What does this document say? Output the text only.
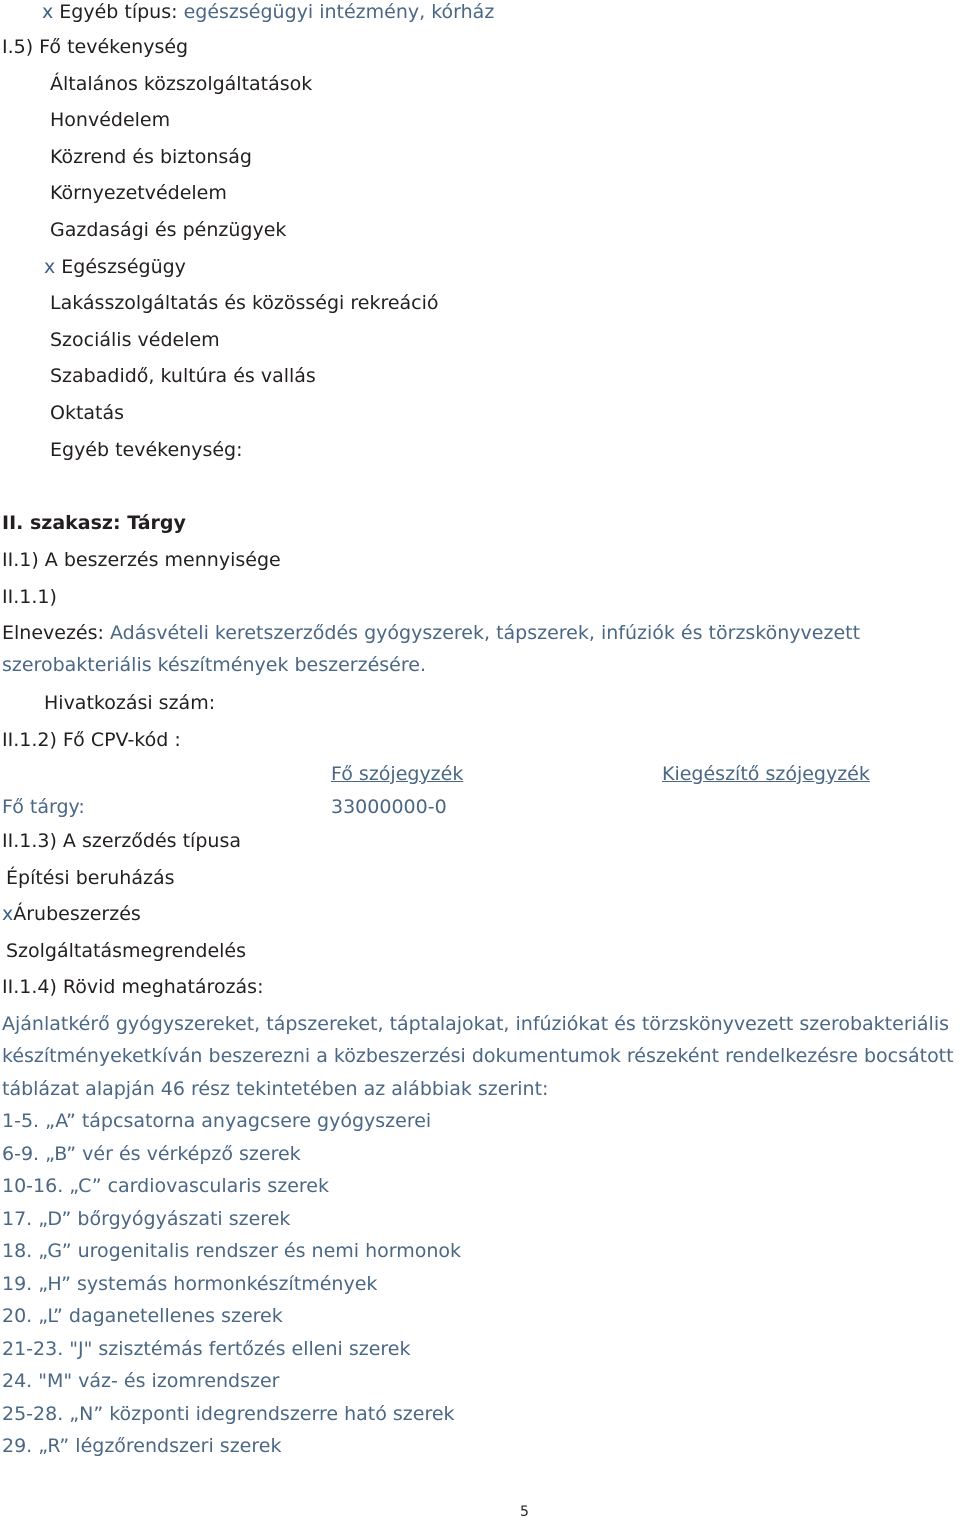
x Egyéb típus: egészségügyi intézmény, kórház
I.5) Fő tevékenység
Általános közszolgáltatások
Honvédelem
Közrend és biztonság
Környezetvédelem
Gazdasági és pénzügyek
x Egészségügy
Lakásszolgáltatás és közösségi rekreáció
Szociális védelem
Szabadidő, kultúra és vallás
Oktatás
Egyéb tevékenység:
II. szakasz: Tárgy
II.1) A beszerzés mennyisége
II.1.1)
Elnevezés: Adásvételi keretszerződés gyógyszerek, tápszerek, infúziók és törzskönyvezett
szerobakteriális készítmények beszerzésére.
Hivatkozási szám:
II.1.2) Fő CPV-kód :
Fő szójegyzék	Kiegészítő szójegyzék
Fő tárgy:	33000000-0
II.1.3) A szerződés típusa
Építési beruházás
xÁrubeszerzés
Szolgáltatásmegrendelés
II.1.4) Rövid meghatározás:
Ajánlatkérő gyógyszereket, tápszereket, táptalajokat, infúziókat és törzskönyvezett szerobakteriális
készítményeketkíván beszerezni a közbeszerzési dokumentumok részeként rendelkezésre bocsátott
táblázat alapján 46 rész tekintetében az alábbiak szerint:
1-5. „A” tápcsatorna anyagcsere gyógyszerei
6-9. „B” vér és vérképző szerek
10-16. „C” cardiovascularis szerek
17. „D” bőrgyógyászati szerek
18. „G” urogenitalis rendszer és nemi hormonok
19. „H” systemás hormonkészítmények
20. „L” daganetellenes szerek
21-23. "J" szisztémás fertőzés elleni szerek
24. "M" váz- és izomrendszer
25-28. „N” központi idegrendszerre ható szerek
29. „R” légzőrendszeri szerek
5
